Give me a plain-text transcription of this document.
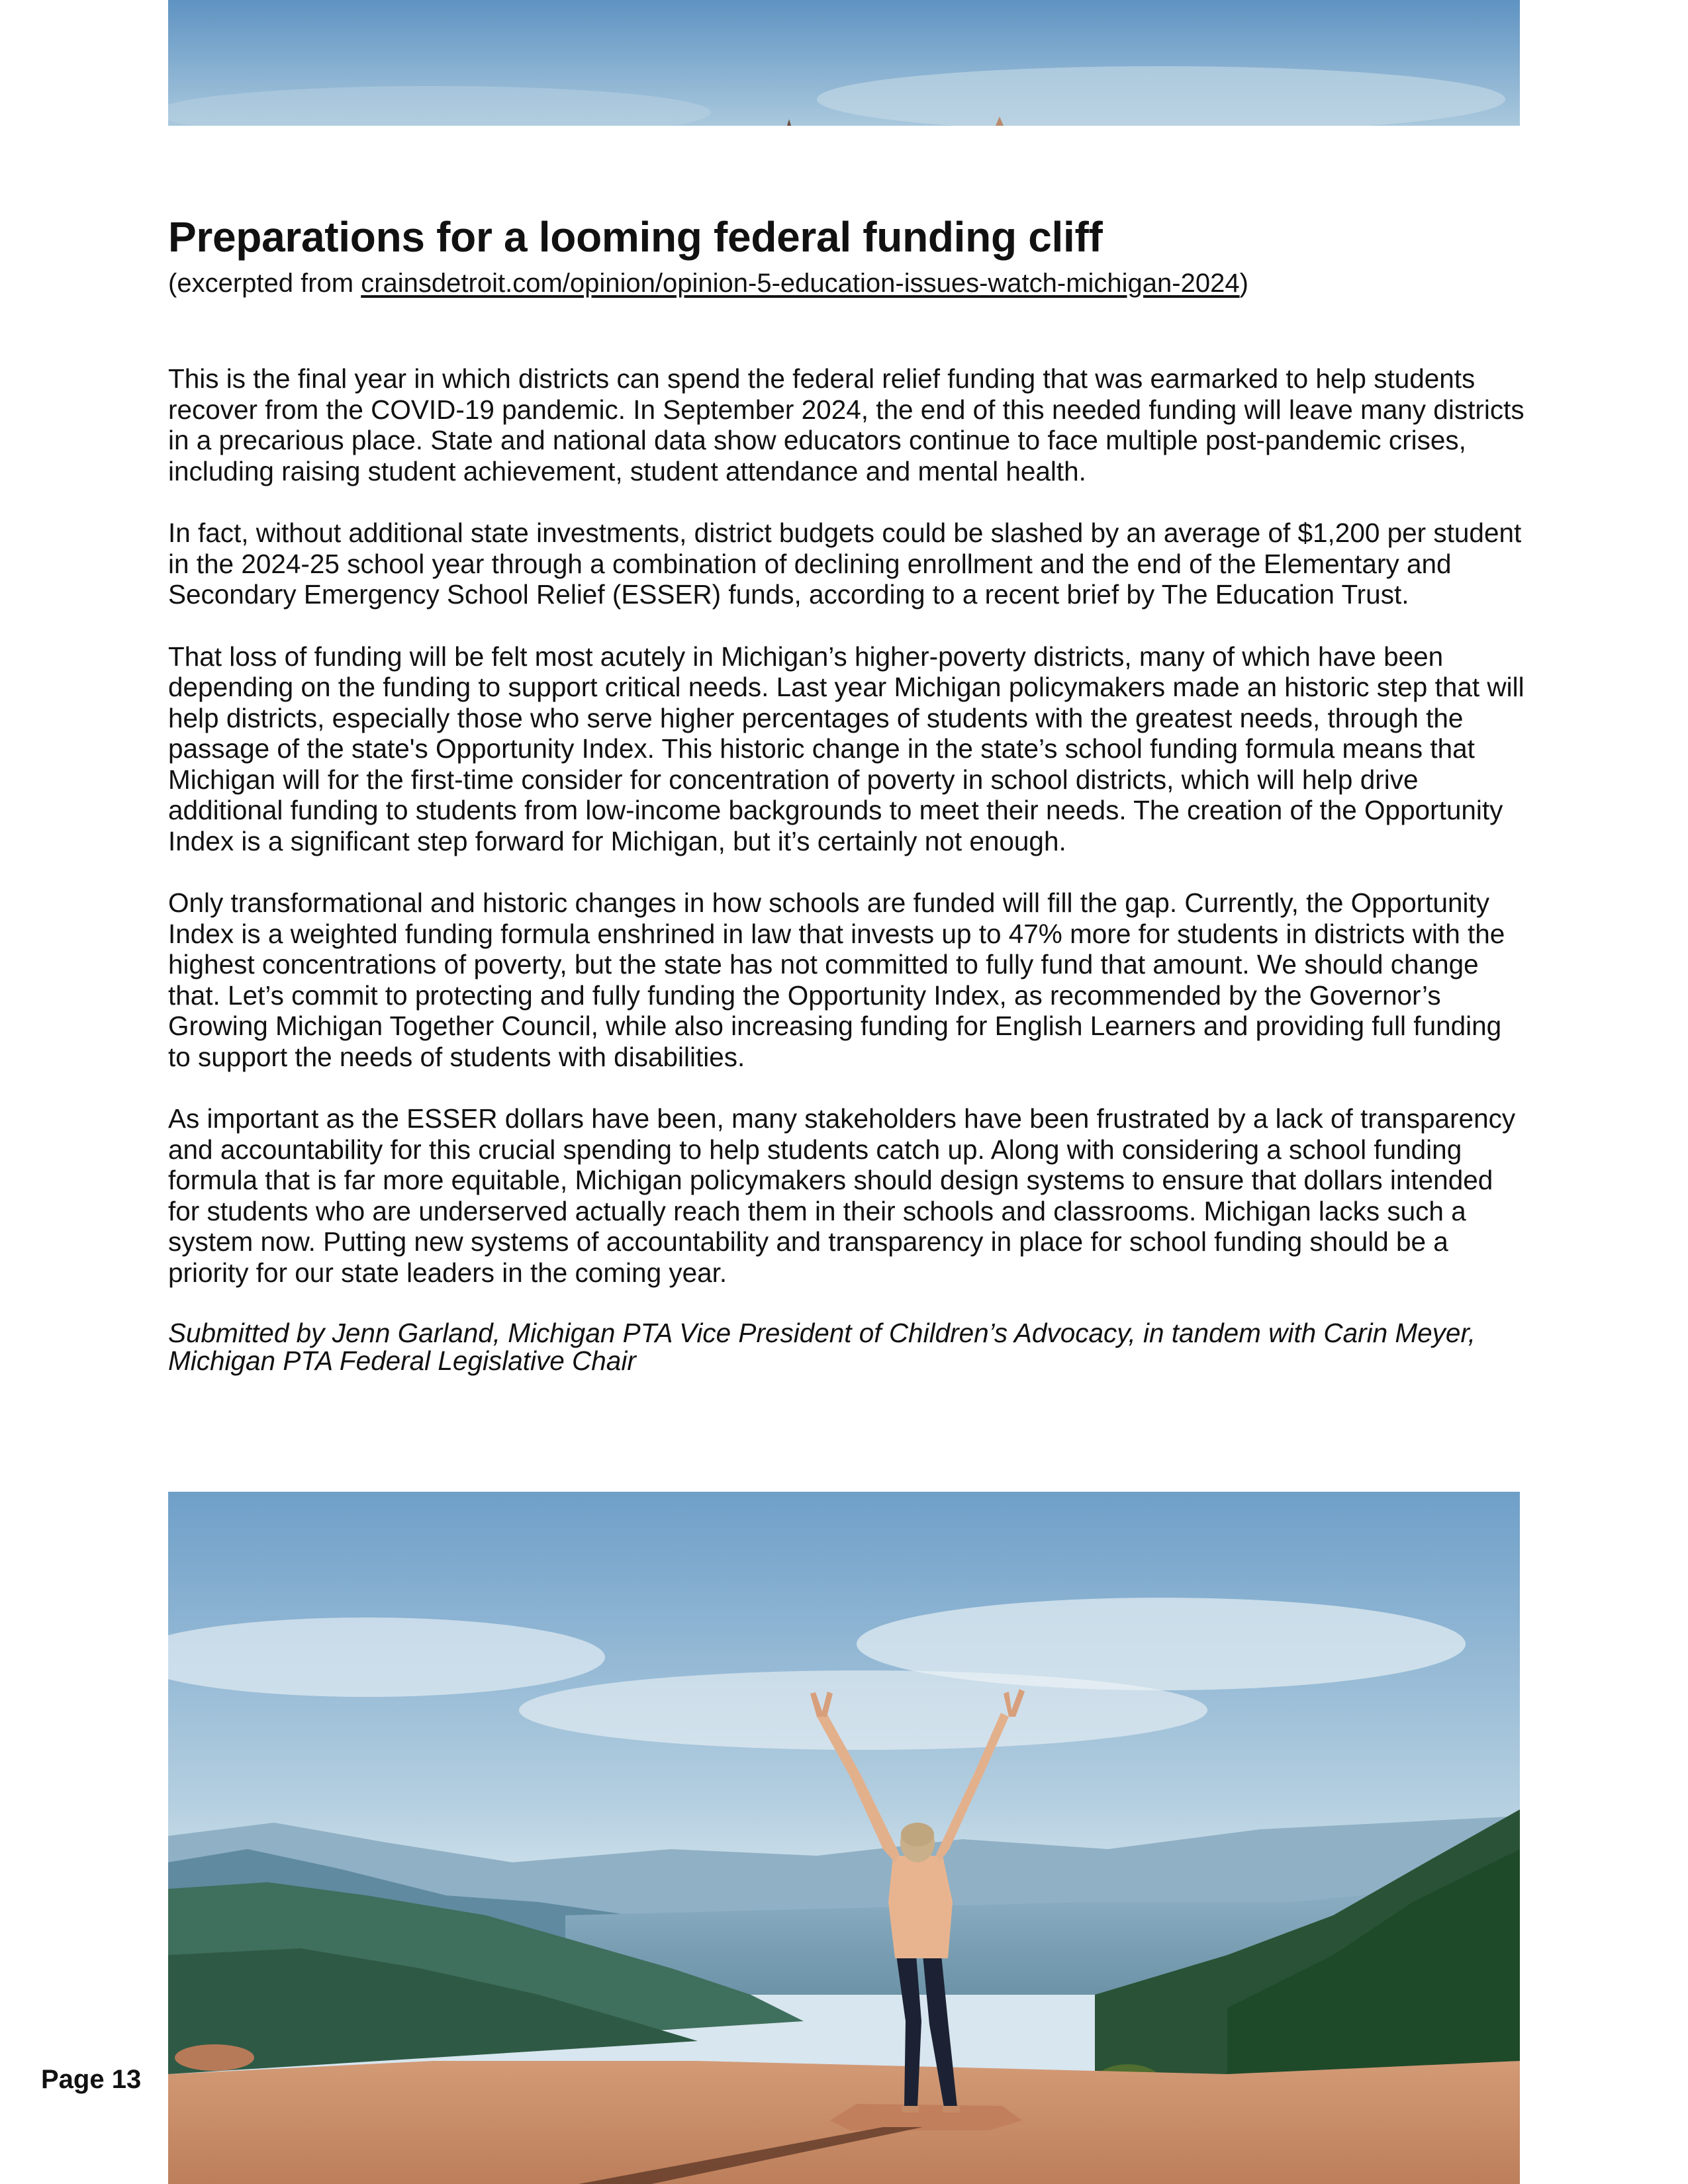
Preparations for a looming federal funding cliff

(excerpted from crainsdetroit.com/opinion/opinion-5-education-issues-watch-michigan-2024)

This is the final year in which districts can spend the federal relief funding that was earmarked to help students recover from the COVID-19 pandemic. In September 2024, the end of this needed funding will leave many districts in a precarious place. State and national data show educators continue to face multiple post-pandemic crises, including raising student achievement, student attendance and mental health.

In fact, without additional state investments, district budgets could be slashed by an average of $1,200 per student in the 2024-25 school year through a combination of declining enrollment and the end of the Elementary and Secondary Emergency School Relief (ESSER) funds, according to a recent brief by The Education Trust.

That loss of funding will be felt most acutely in Michigan’s higher-poverty districts, many of which have been depending on the funding to support critical needs. Last year Michigan policymakers made an historic step that will help districts, especially those who serve higher percentages of students with the greatest needs, through the passage of the state's Opportunity Index. This historic change in the state’s school funding formula means that Michigan will for the first-time consider for concentration of poverty in school districts, which will help drive additional funding to students from low-income backgrounds to meet their needs. The creation of the Opportunity Index is a significant step forward for Michigan, but it’s certainly not enough.

Only transformational and historic changes in how schools are funded will fill the gap. Currently, the Opportunity Index is a weighted funding formula enshrined in law that invests up to 47% more for students in districts with the highest concentrations of poverty, but the state has not committed to fully fund that amount. We should change that. Let’s commit to protecting and fully funding the Opportunity Index, as recommended by the Governor’s Growing Michigan Together Council, while also increasing funding for English Learners and providing full funding to support the needs of students with disabilities.

As important as the ESSER dollars have been, many stakeholders have been frustrated by a lack of transparency and accountability for this crucial spending to help students catch up. Along with considering a school funding formula that is far more equitable, Michigan policymakers should design systems to ensure that dollars intended for students who are underserved actually reach them in their schools and classrooms. Michigan lacks such a system now. Putting new systems of accountability and transparency in place for school funding should be a priority for our state leaders in the coming year.

Submitted by Jenn Garland, Michigan PTA Vice President of Children’s Advocacy, in tandem with Carin Meyer, Michigan PTA Federal Legislative Chair

Page 13
